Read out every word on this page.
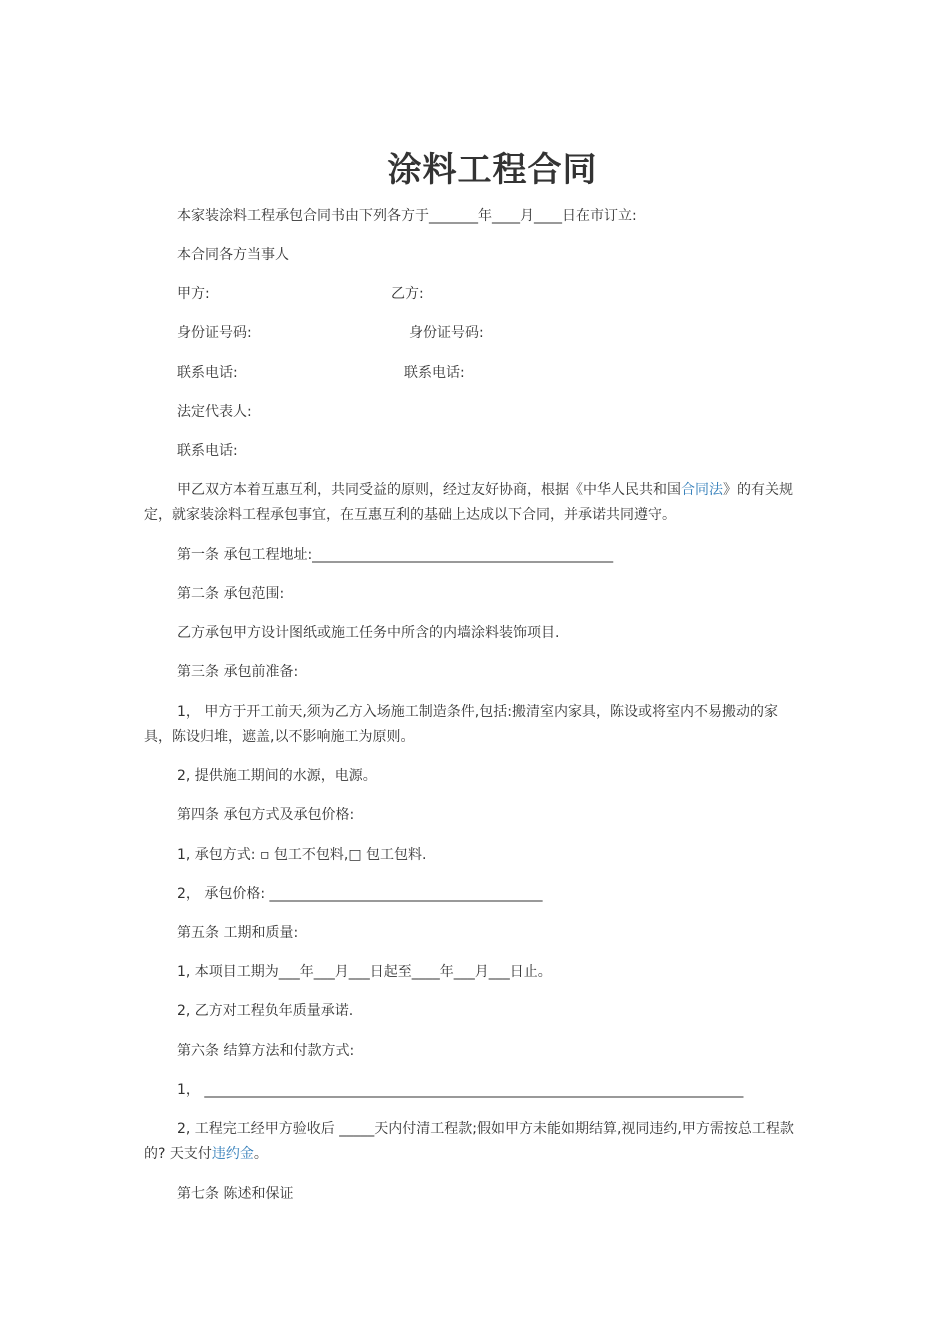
涂料工程合同
本家装涂料工程承包合同书由下列各方于_______年____月____日在市订立:
本合同各方当事人
甲方:	乙方:
身份证号码:	身份证号码:
联系电话:	联系电话:
法定代表人:
联系电话:
甲乙双方本着互惠互利，共同受益的原则，经过友好协商，根据《中华人民共和国合同法》的有关规定，就家装涂料工程承包事宜，在互惠互利的基础上达成以下合同，并承诺共同遵守。
第一条 承包工程地址:___________________________________________
第二条 承包范围:
乙方承包甲方设计图纸或施工任务中所含的内墙涂料装饰项目.
第三条 承包前准备:
1， 甲方于开工前天,须为乙方入场施工制造条件,包括:搬清室内家具，陈设或将室内不易搬动的家具，陈设归堆，遮盖,以不影响施工为原则。
2, 提供施工期间的水源，电源。
第四条 承包方式及承包价格:
1, 承包方式: ▫ 包工不包料,□ 包工包料.
2， 承包价格: _______________________________________
第五条 工期和质量:
1, 本项目工期为___年___月___日起至____年___月___日止。
2, 乙方对工程负年质量承诺.
第六条 结算方法和付款方式:
1， _____________________________________________________________________________
2, 工程完工经甲方验收后 _____天内付清工程款;假如甲方未能如期结算,视同违约,甲方需按总工程款的? 天支付违约金。
第七条 陈述和保证
